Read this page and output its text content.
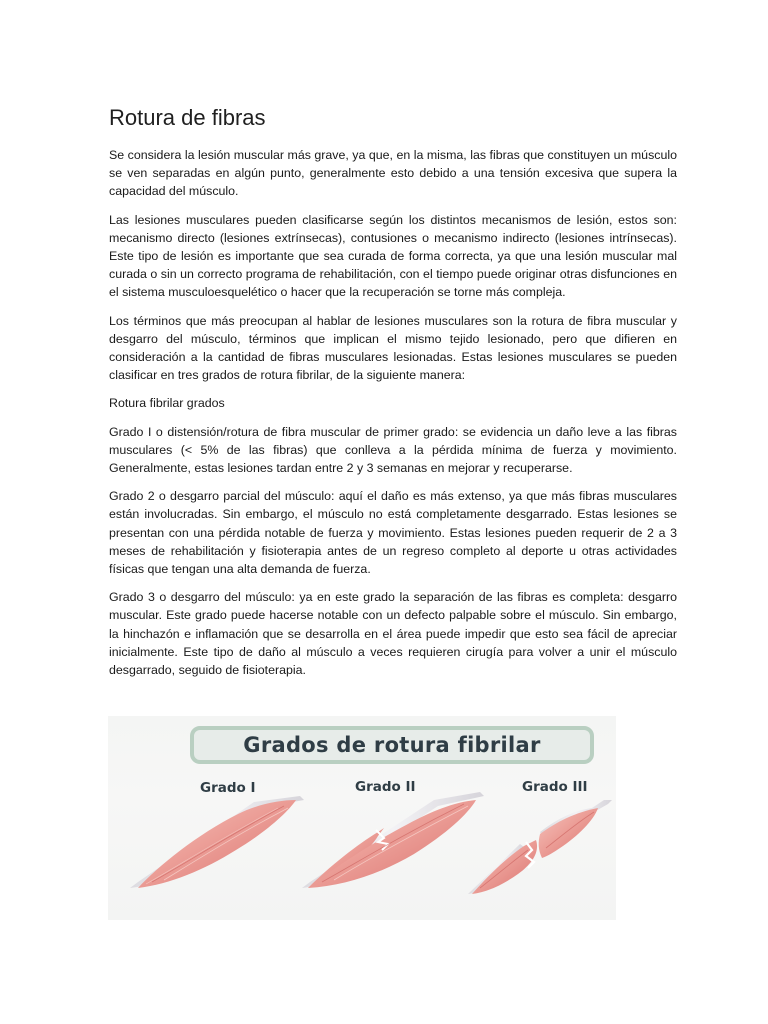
Rotura de fibras

Se considera la lesión muscular más grave, ya que, en la misma, las fibras que constituyen un músculo se ven separadas en algún punto, generalmente esto debido a una tensión excesiva que supera la capacidad del músculo.

Las lesiones musculares pueden clasificarse según los distintos mecanismos de lesión, estos son: mecanismo directo (lesiones extrínsecas), contusiones o mecanismo indirecto (lesiones intrínsecas). Este tipo de lesión es importante que sea curada de forma correcta, ya que una lesión muscular mal curada o sin un correcto programa de rehabilitación, con el tiempo puede originar otras disfunciones en el sistema musculoesquelético o hacer que la recuperación se torne más compleja.

Los términos que más preocupan al hablar de lesiones musculares son la rotura de fibra muscular y desgarro del músculo, términos que implican el mismo tejido lesionado, pero que difieren en consideración a la cantidad de fibras musculares lesionadas. Estas lesiones musculares se pueden clasificar en tres grados de rotura fibrilar, de la siguiente manera:

Rotura fibrilar grados

Grado I o distensión/rotura de fibra muscular de primer grado: se evidencia un daño leve a las fibras musculares (< 5% de las fibras) que conlleva a la pérdida mínima de fuerza y movimiento. Generalmente, estas lesiones tardan entre 2 y 3 semanas en mejorar y recuperarse.

Grado 2 o desgarro parcial del músculo: aquí el daño es más extenso, ya que más fibras musculares están involucradas. Sin embargo, el músculo no está completamente desgarrado. Estas lesiones se presentan con una pérdida notable de fuerza y movimiento. Estas lesiones pueden requerir de 2 a 3 meses de rehabilitación y fisioterapia antes de un regreso completo al deporte u otras actividades físicas que tengan una alta demanda de fuerza.

Grado 3 o desgarro del músculo: ya en este grado la separación de las fibras es completa: desgarro muscular. Este grado puede hacerse notable con un defecto palpable sobre el músculo. Sin embargo, la hinchazón e inflamación que se desarrolla en el área puede impedir que esto sea fácil de apreciar inicialmente. Este tipo de daño al músculo a veces requieren cirugía para volver a unir el músculo desgarrado, seguido de fisioterapia.

Grados de rotura fibrilar
Grado I	Grado II	Grado III
